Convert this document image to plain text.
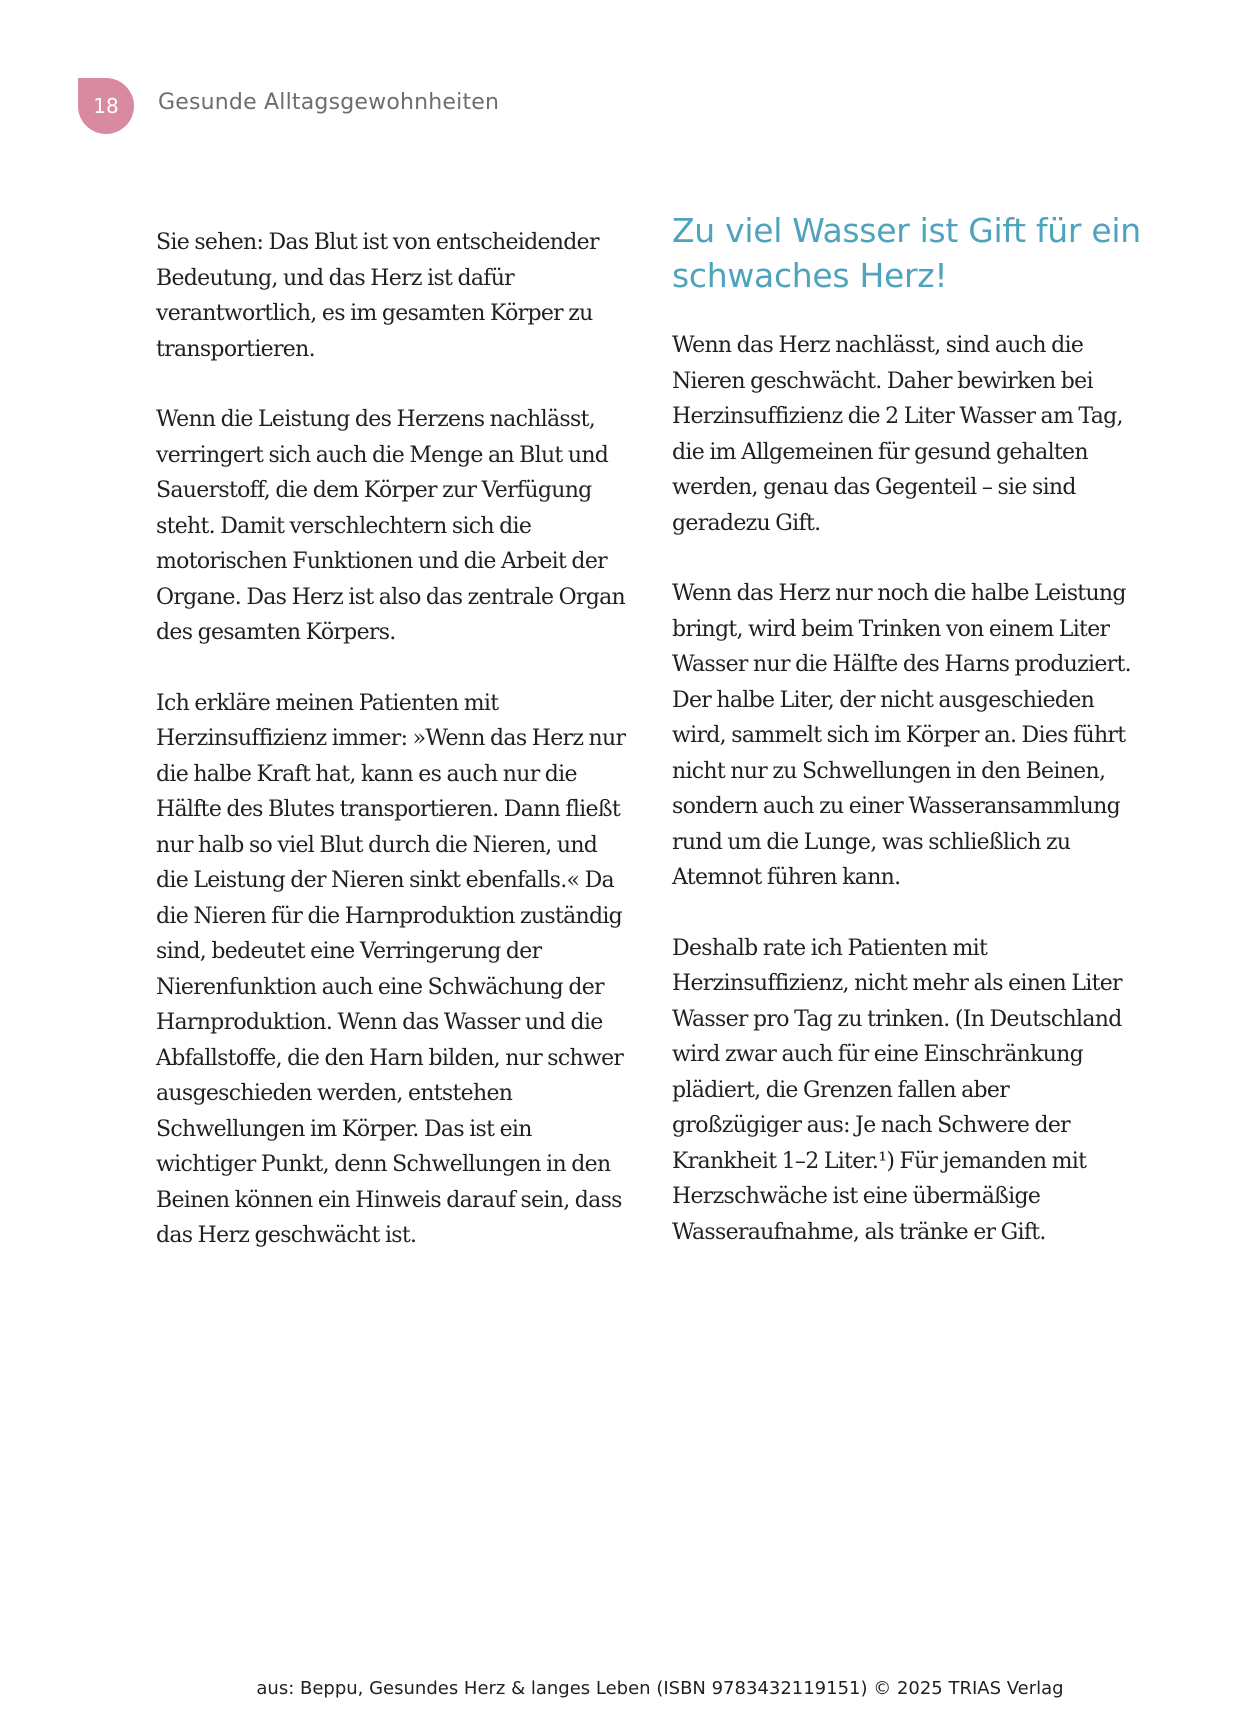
18 Gesunde Alltagsgewohnheiten

Sie sehen: Das Blut ist von entscheidender Bedeutung, und das Herz ist dafür verantwortlich, es im gesamten Körper zu transportieren.

Wenn die Leistung des Herzens nachlässt, verringert sich auch die Menge an Blut und Sauerstoff, die dem Körper zur Verfügung steht. Damit verschlechtern sich die motorischen Funktionen und die Arbeit der Organe. Das Herz ist also das zentrale Organ des gesamten Körpers.

Ich erkläre meinen Patienten mit Herzinsuffizienz immer: »Wenn das Herz nur die halbe Kraft hat, kann es auch nur die Hälfte des Blutes transportieren. Dann fließt nur halb so viel Blut durch die Nieren, und die Leistung der Nieren sinkt ebenfalls.« Da die Nieren für die Harnproduktion zuständig sind, bedeutet eine Verringerung der Nierenfunktion auch eine Schwächung der Harnproduktion. Wenn das Wasser und die Abfallstoffe, die den Harn bilden, nur schwer ausgeschieden werden, entstehen Schwellungen im Körper. Das ist ein wichtiger Punkt, denn Schwellungen in den Beinen können ein Hinweis darauf sein, dass das Herz geschwächt ist.

Zu viel Wasser ist Gift für ein schwaches Herz!

Wenn das Herz nachlässt, sind auch die Nieren geschwächt. Daher bewirken bei Herzinsuffizienz die 2 Liter Wasser am Tag, die im Allgemeinen für gesund gehalten werden, genau das Gegenteil – sie sind geradezu Gift.

Wenn das Herz nur noch die halbe Leistung bringt, wird beim Trinken von einem Liter Wasser nur die Hälfte des Harns produziert. Der halbe Liter, der nicht ausgeschieden wird, sammelt sich im Körper an. Dies führt nicht nur zu Schwellungen in den Beinen, sondern auch zu einer Wasseransammlung rund um die Lunge, was schließlich zu Atemnot führen kann.

Deshalb rate ich Patienten mit Herzinsuffizienz, nicht mehr als einen Liter Wasser pro Tag zu trinken. (In Deutschland wird zwar auch für eine Einschränkung plädiert, die Grenzen fallen aber großzügiger aus: Je nach Schwere der Krankheit 1–2 Liter.¹) Für jemanden mit Herzschwäche ist eine übermäßige Wasseraufnahme, als tränke er Gift.

aus: Beppu, Gesundes Herz & langes Leben (ISBN 9783432119151) © 2025 TRIAS Verlag
